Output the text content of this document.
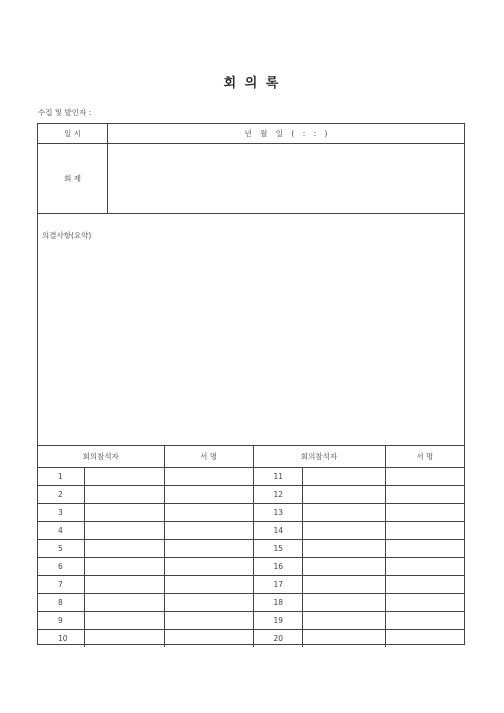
회 의 록
수집 및 발인자 :
일 시	년 월 일 ( : : )
회 제
의결사항(요약)
회의참석자		서 명	회의참석자		서 명
1			11		
2			12		
3			13		
4			14		
5			15		
6			16		
7			17		
8			18		
9			19		
10			20		
